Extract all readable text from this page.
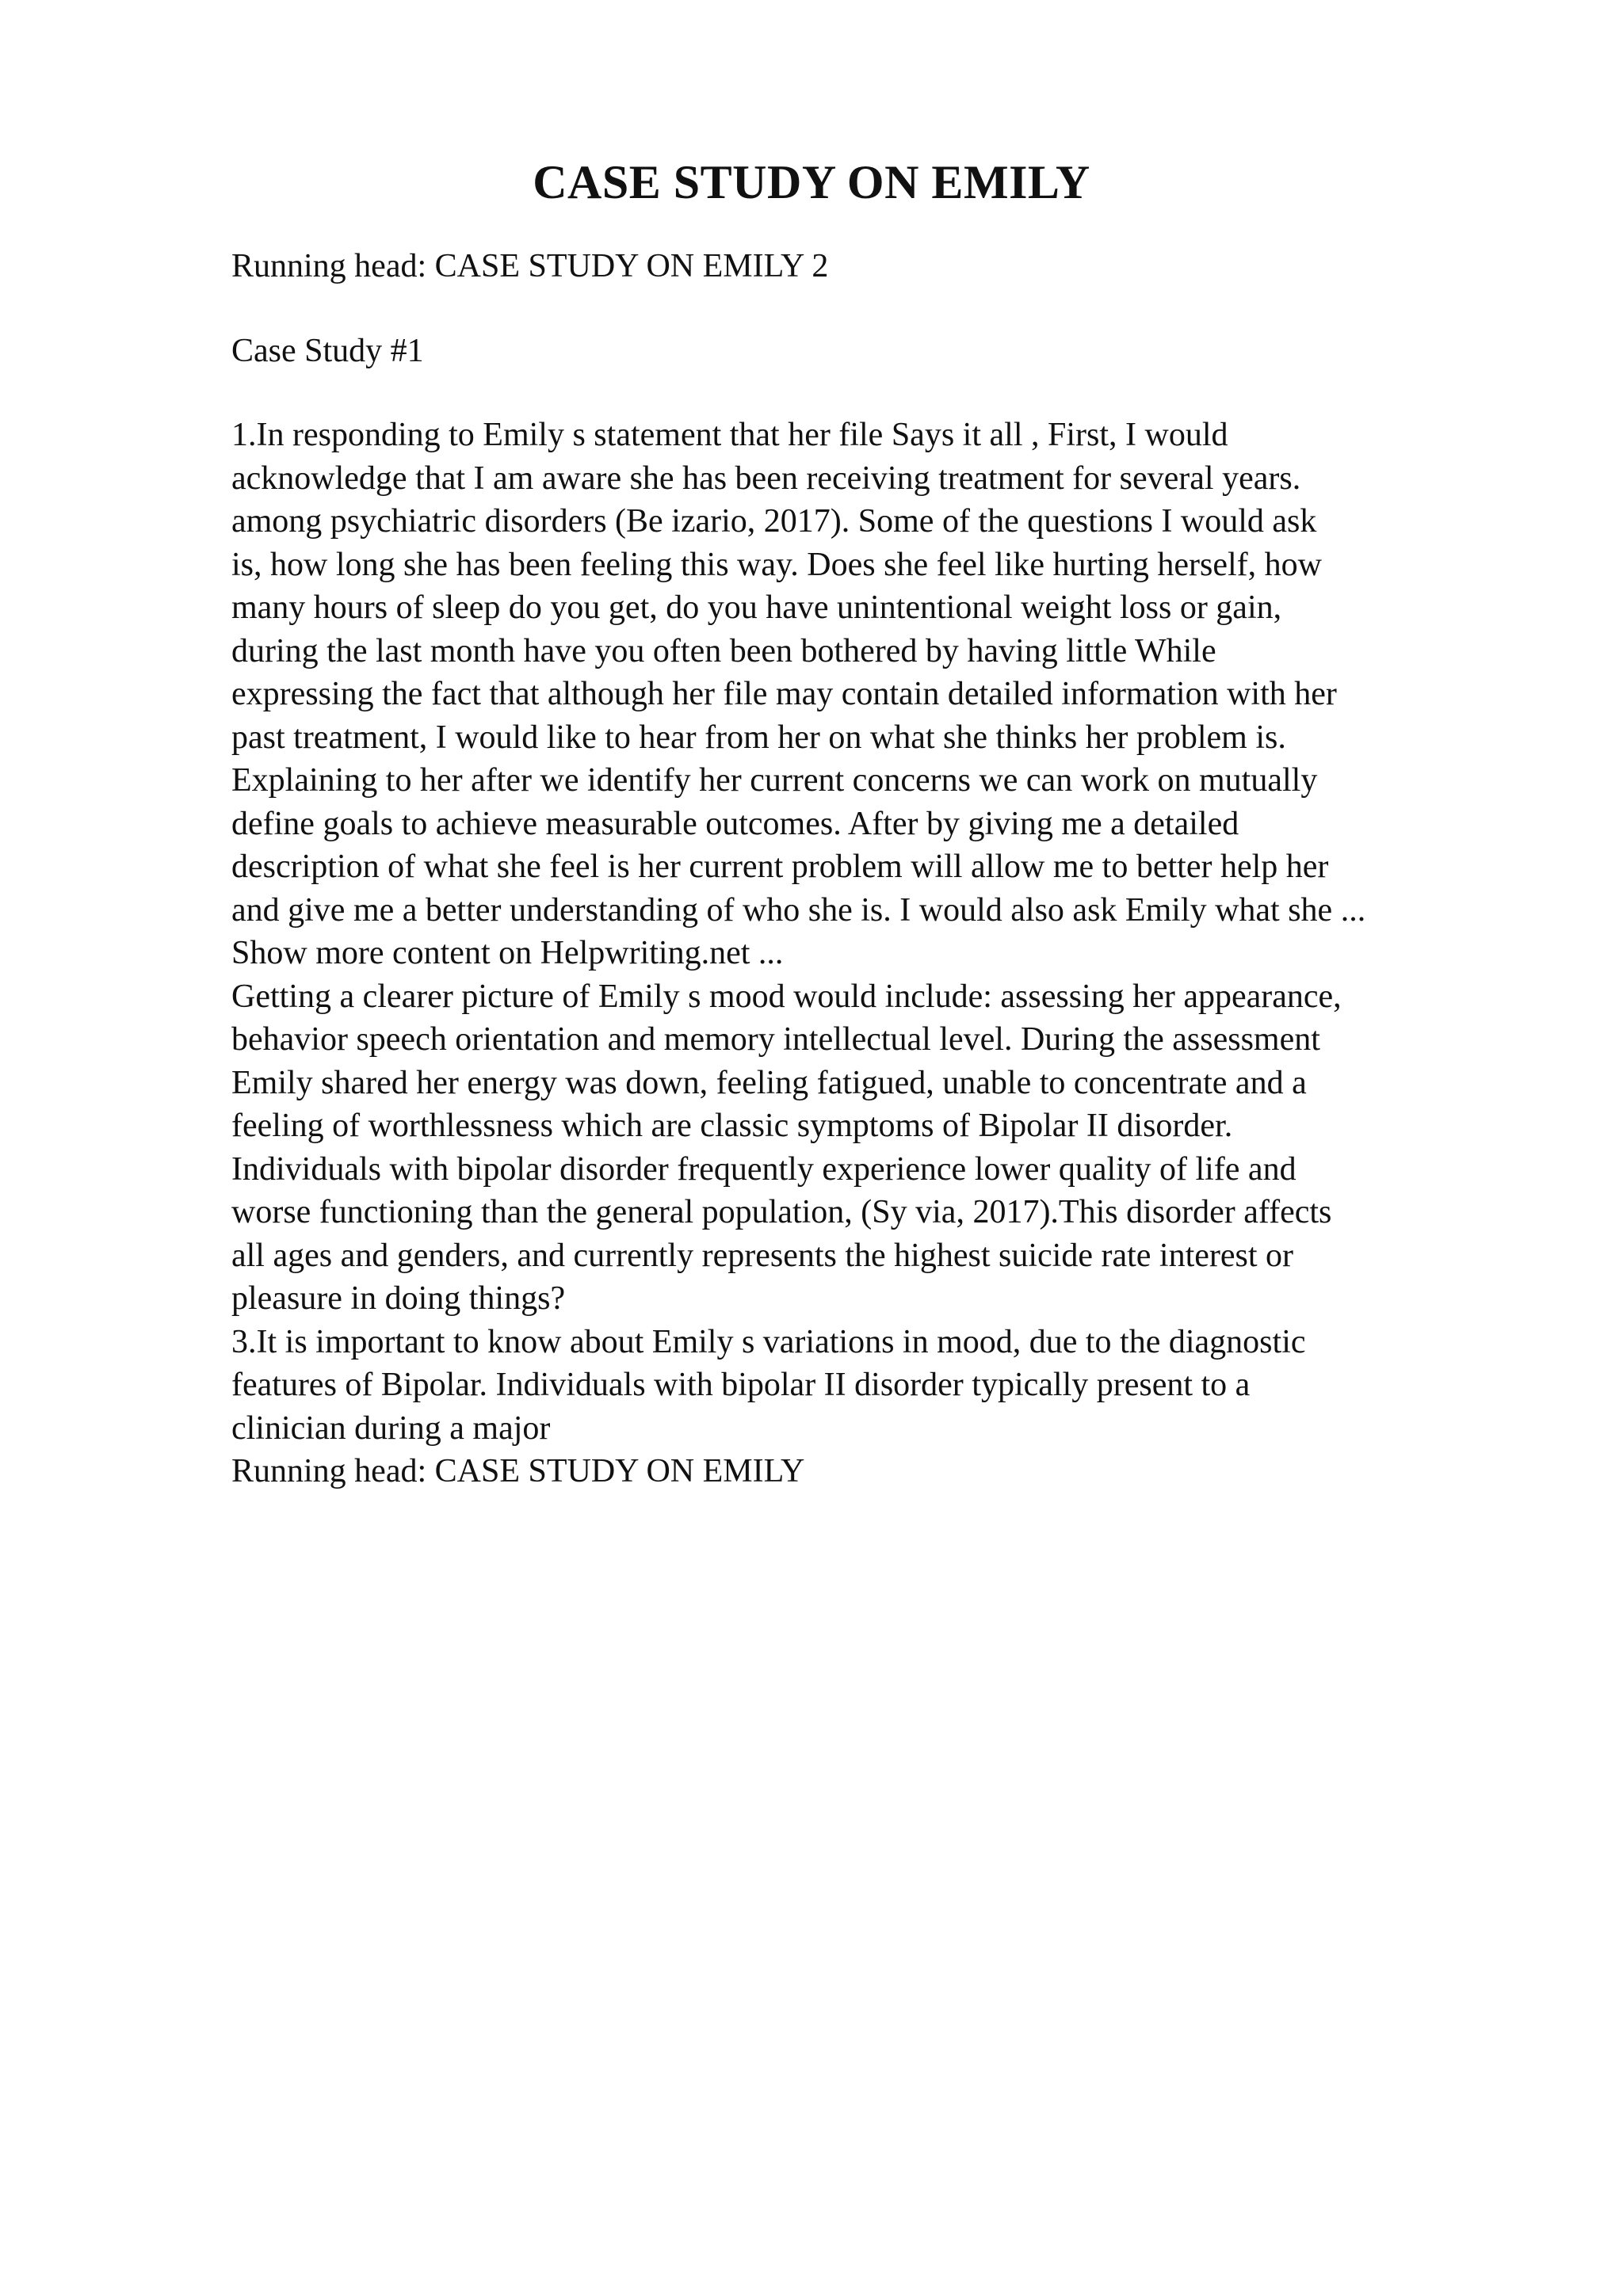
CASE STUDY ON EMILY

Running head: CASE STUDY ON EMILY 2

Case Study #1

1.In responding to Emily s statement that her file Says it all , First, I would
acknowledge that I am aware she has been receiving treatment for several years.
among psychiatric disorders (Be izario, 2017). Some of the questions I would ask
is, how long she has been feeling this way. Does she feel like hurting herself, how
many hours of sleep do you get, do you have unintentional weight loss or gain,
during the last month have you often been bothered by having little While
expressing the fact that although her file may contain detailed information with her
past treatment, I would like to hear from her on what she thinks her problem is.
Explaining to her after we identify her current concerns we can work on mutually
define goals to achieve measurable outcomes. After by giving me a detailed
description of what she feel is her current problem will allow me to better help her
and give me a better understanding of who she is. I would also ask Emily what she ...
Show more content on Helpwriting.net ...
Getting a clearer picture of Emily s mood would include: assessing her appearance,
behavior speech orientation and memory intellectual level. During the assessment
Emily shared her energy was down, feeling fatigued, unable to concentrate and a
feeling of worthlessness which are classic symptoms of Bipolar II disorder.
Individuals with bipolar disorder frequently experience lower quality of life and
worse functioning than the general population, (Sy via, 2017).This disorder affects
all ages and genders, and currently represents the highest suicide rate interest or
pleasure in doing things?
3.It is important to know about Emily s variations in mood, due to the diagnostic
features of Bipolar. Individuals with bipolar II disorder typically present to a
clinician during a major
Running head: CASE STUDY ON EMILY
